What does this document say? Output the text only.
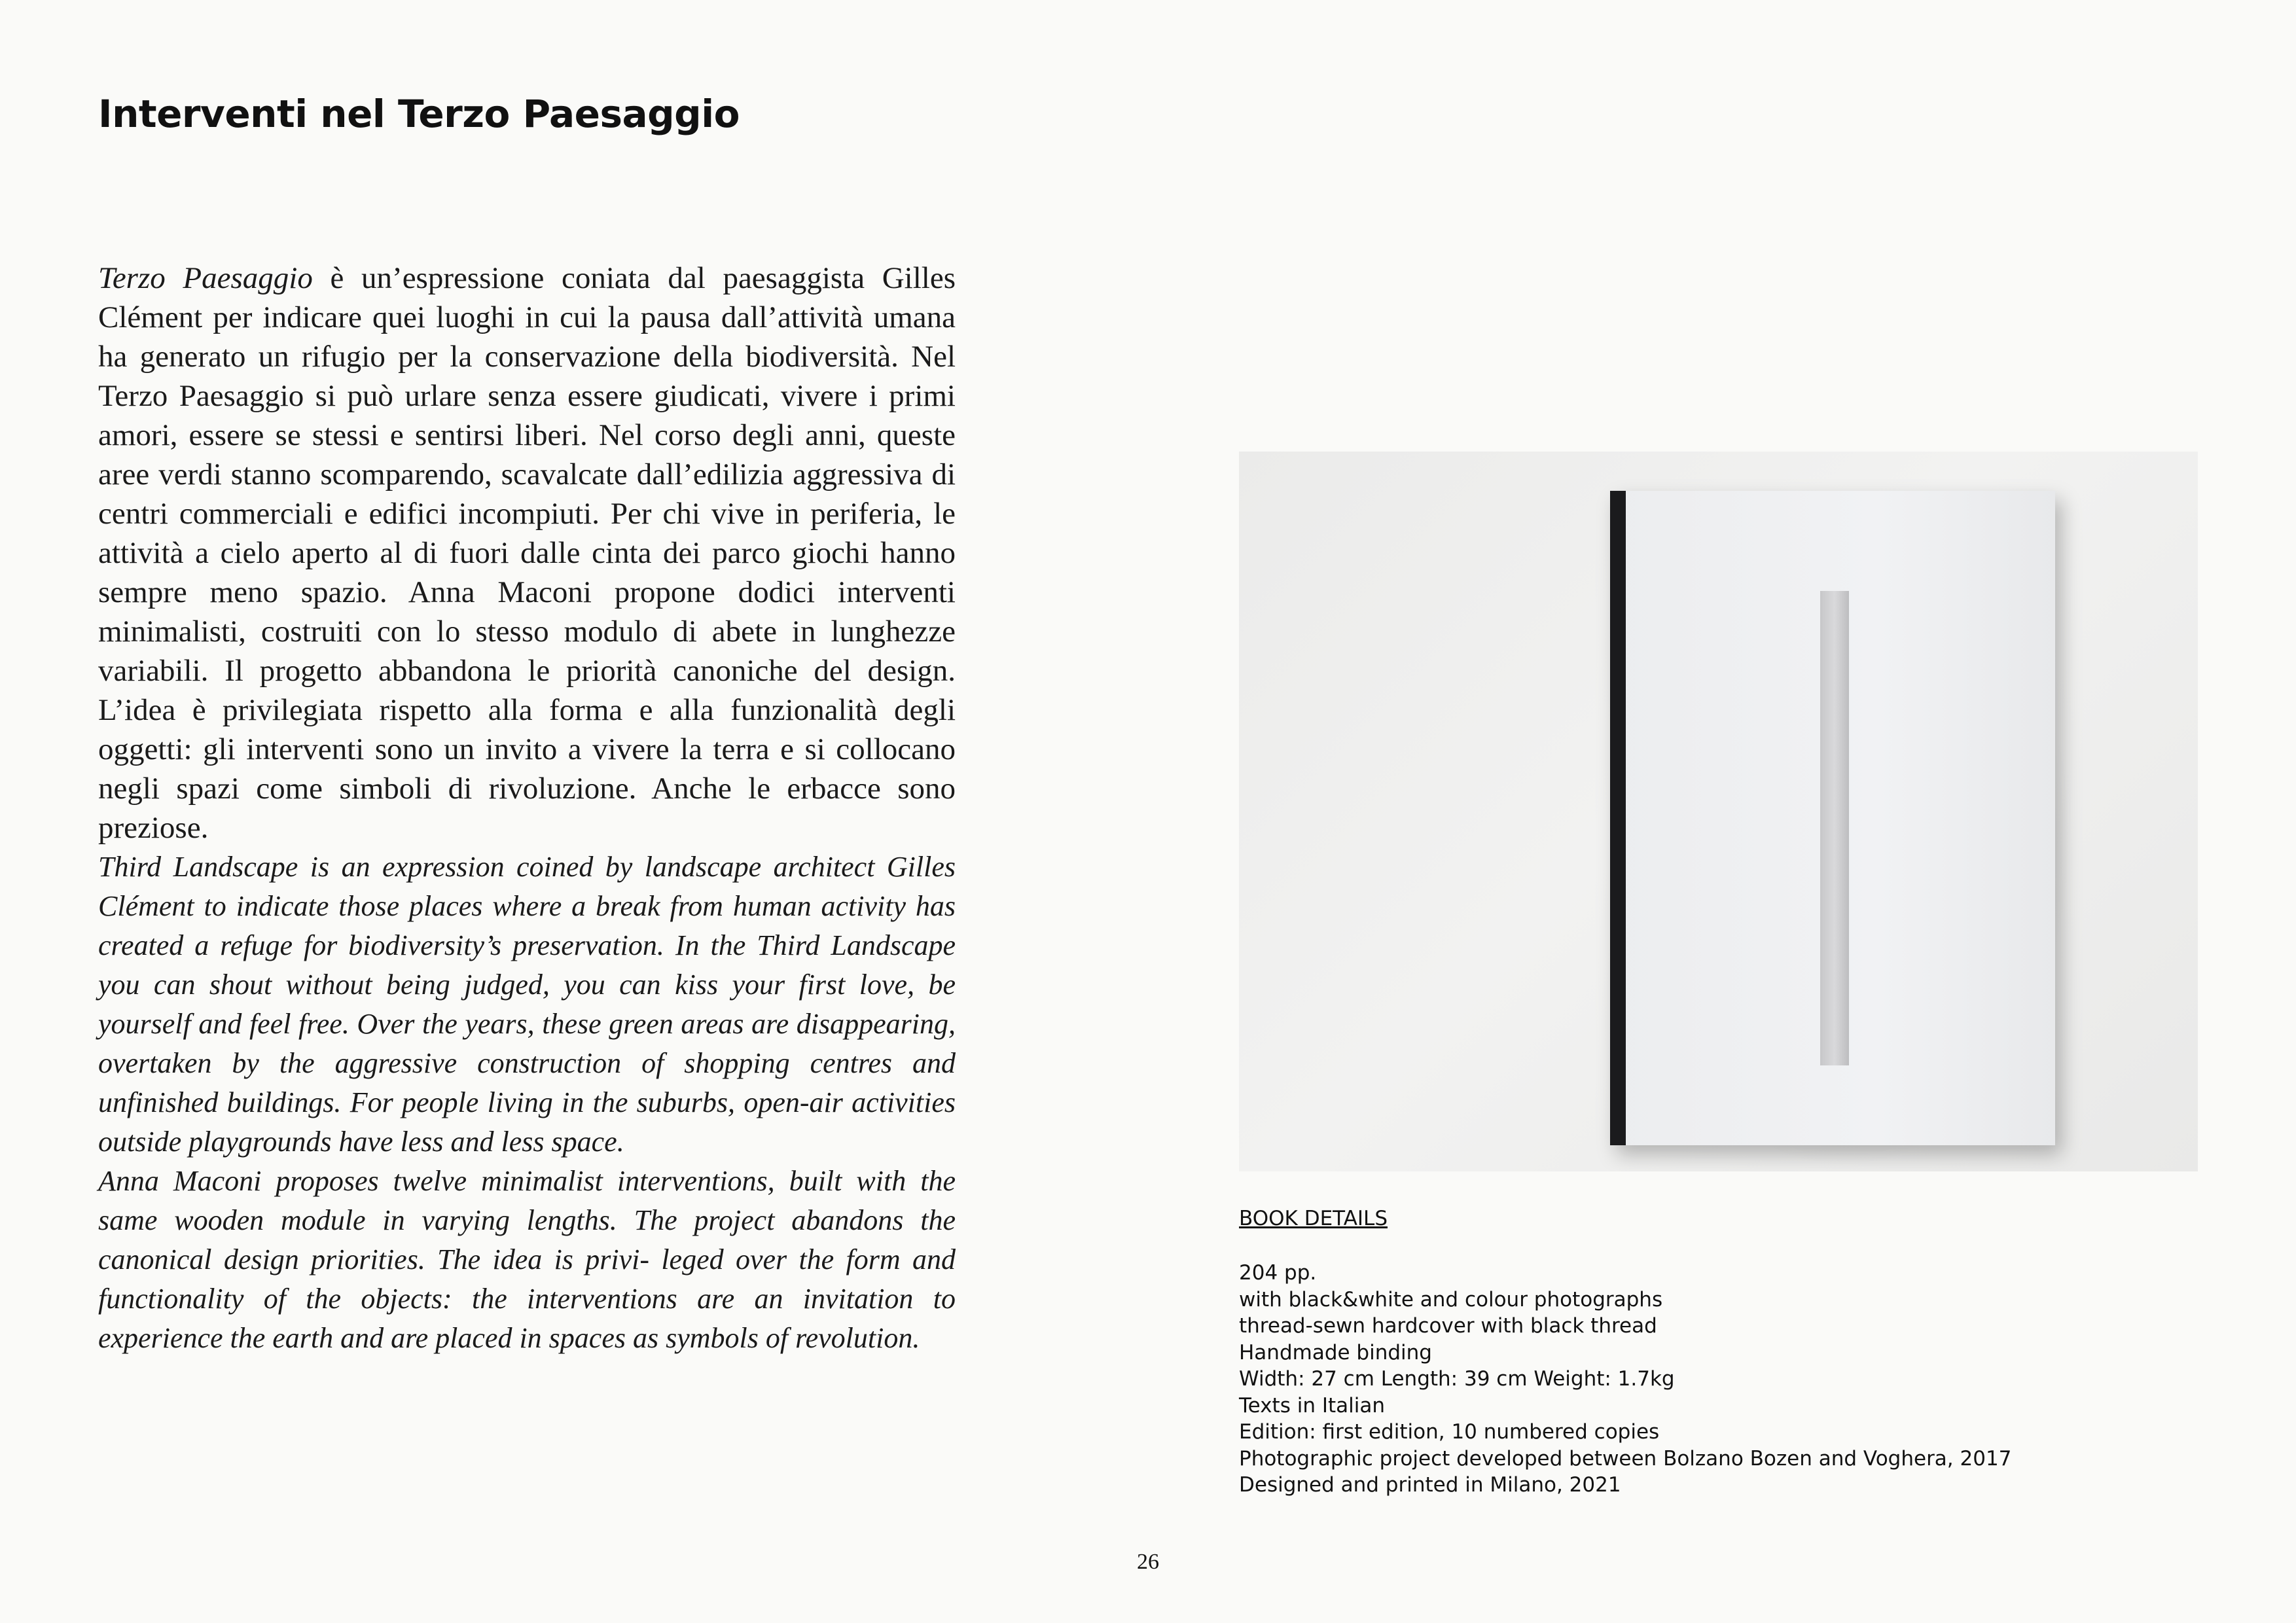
Interventi nel Terzo Paesaggio

Terzo Paesaggio è un’espressione coniata dal paesaggista Gilles Clément per indicare quei luoghi in cui la pausa dall’attività umana ha generato un rifugio per la conservazione della biodiversità. Nel Terzo Paesaggio si può urlare senza essere giudicati, vivere i primi amori, essere se stessi e sentirsi liberi. Nel corso degli anni, queste aree verdi stanno scomparendo, scavalcate dall’edilizia aggressiva di centri commerciali e edifici incompiuti. Per chi vive in periferia, le attività a cielo aperto al di fuori dalle cinta dei parco giochi hanno sempre meno spazio. Anna Maconi propone dodici interventi minimalisti, costruiti con lo stesso modulo di abete in lunghezze variabili. Il progetto abbandona le priorità canoniche del design. L’idea è privilegiata rispetto alla forma e alla funzionalità degli oggetti: gli interventi sono un invito a vivere la terra e si collocano negli spazi come simboli di rivoluzione. Anche le erbacce sono preziose.

Third Landscape is an expression coined by landscape architect Gilles Clément to indicate those places where a break from human activity has created a refuge for biodiversity’s preservation. In the Third Landscape you can shout without being judged, you can kiss your first love, be yourself and feel free. Over the years, these green areas are disappearing, overtaken by the aggressive construction of shopping centres and unfinished buildings. For people living in the suburbs, open-air activities outside playgrounds have less and less space.

Anna Maconi proposes twelve minimalist interventions, built with the same wooden module in varying lengths. The project abandons the canonical design priorities. The idea is privi- leged over the form and functionality of the objects: the interventions are an invitation to experience the earth and are placed in spaces as symbols of revolution.

BOOK DETAILS

204 pp.
with black&white and colour photographs
thread-sewn hardcover with black thread
Handmade binding
Width: 27 cm Length: 39 cm Weight: 1.7kg
Texts in Italian
Edition: first edition, 10 numbered copies
Photographic project developed between Bolzano Bozen and Voghera, 2017
Designed and printed in Milano, 2021
26
